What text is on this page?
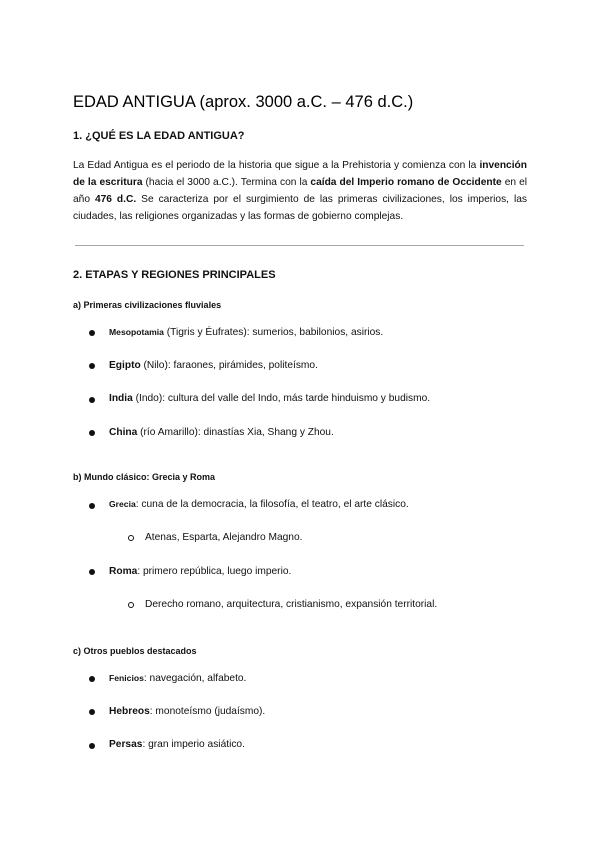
EDAD ANTIGUA (aprox. 3000 a.C. – 476 d.C.)
1. ¿QUÉ ES LA EDAD ANTIGUA?
La Edad Antigua es el periodo de la historia que sigue a la Prehistoria y comienza con la invención de la escritura (hacia el 3000 a.C.). Termina con la caída del Imperio romano de Occidente en el año 476 d.C. Se caracteriza por el surgimiento de las primeras civilizaciones, los imperios, las ciudades, las religiones organizadas y las formas de gobierno complejas.
2. ETAPAS Y REGIONES PRINCIPALES
a) Primeras civilizaciones fluviales
Mesopotamia (Tigris y Éufrates): sumerios, babilonios, asirios.
Egipto (Nilo): faraones, pirámides, politeísmo.
India (Indo): cultura del valle del Indo, más tarde hinduismo y budismo.
China (río Amarillo): dinastías Xia, Shang y Zhou.
b) Mundo clásico: Grecia y Roma
Grecia: cuna de la democracia, la filosofía, el teatro, el arte clásico.
Atenas, Esparta, Alejandro Magno.
Roma: primero república, luego imperio.
Derecho romano, arquitectura, cristianismo, expansión territorial.
c) Otros pueblos destacados
Fenicios: navegación, alfabeto.
Hebreos: monoteísmo (judaísmo).
Persas: gran imperio asiático.
